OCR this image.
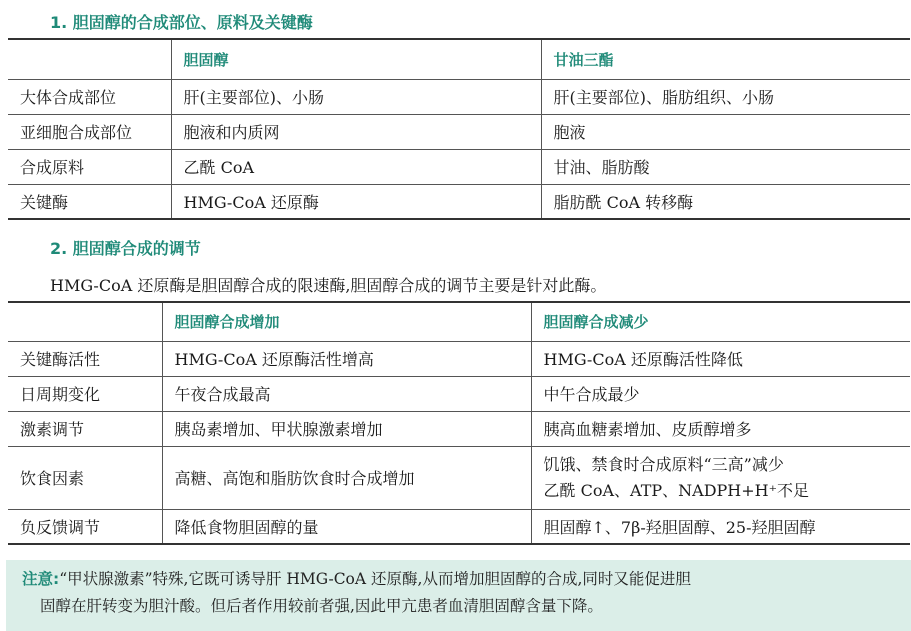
1. 胆固醇的合成部位、原料及关键酶
	胆固醇	甘油三酯
大体合成部位	肝(主要部位)、小肠	肝(主要部位)、脂肪组织、小肠
亚细胞合成部位	胞液和内质网	胞液
合成原料	乙酰 CoA	甘油、脂肪酸
关键酶	HMG-CoA 还原酶	脂肪酰 CoA 转移酶
2. 胆固醇合成的调节
HMG-CoA 还原酶是胆固醇合成的限速酶,胆固醇合成的调节主要是针对此酶。
	胆固醇合成增加	胆固醇合成减少
关键酶活性	HMG-CoA 还原酶活性增高	HMG-CoA 还原酶活性降低
日周期变化	午夜合成最高	中午合成最少
激素调节	胰岛素增加、甲状腺激素增加	胰高血糖素增加、皮质醇增多
饮食因素	高糖、高饱和脂肪饮食时合成增加	饥饿、禁食时合成原料“三高”减少
乙酰 CoA、ATP、NADPH+H⁺不足

负反馈调节	降低食物胆固醇的量	胆固醇↑、7β-羟胆固醇、25-羟胆固醇
注意:“甲状腺激素”特殊,它既可诱导肝 HMG-CoA 还原酶,从而增加胆固醇的合成,同时又能促进胆
固醇在肝转变为胆汁酸。但后者作用较前者强,因此甲亢患者血清胆固醇含量下降。
